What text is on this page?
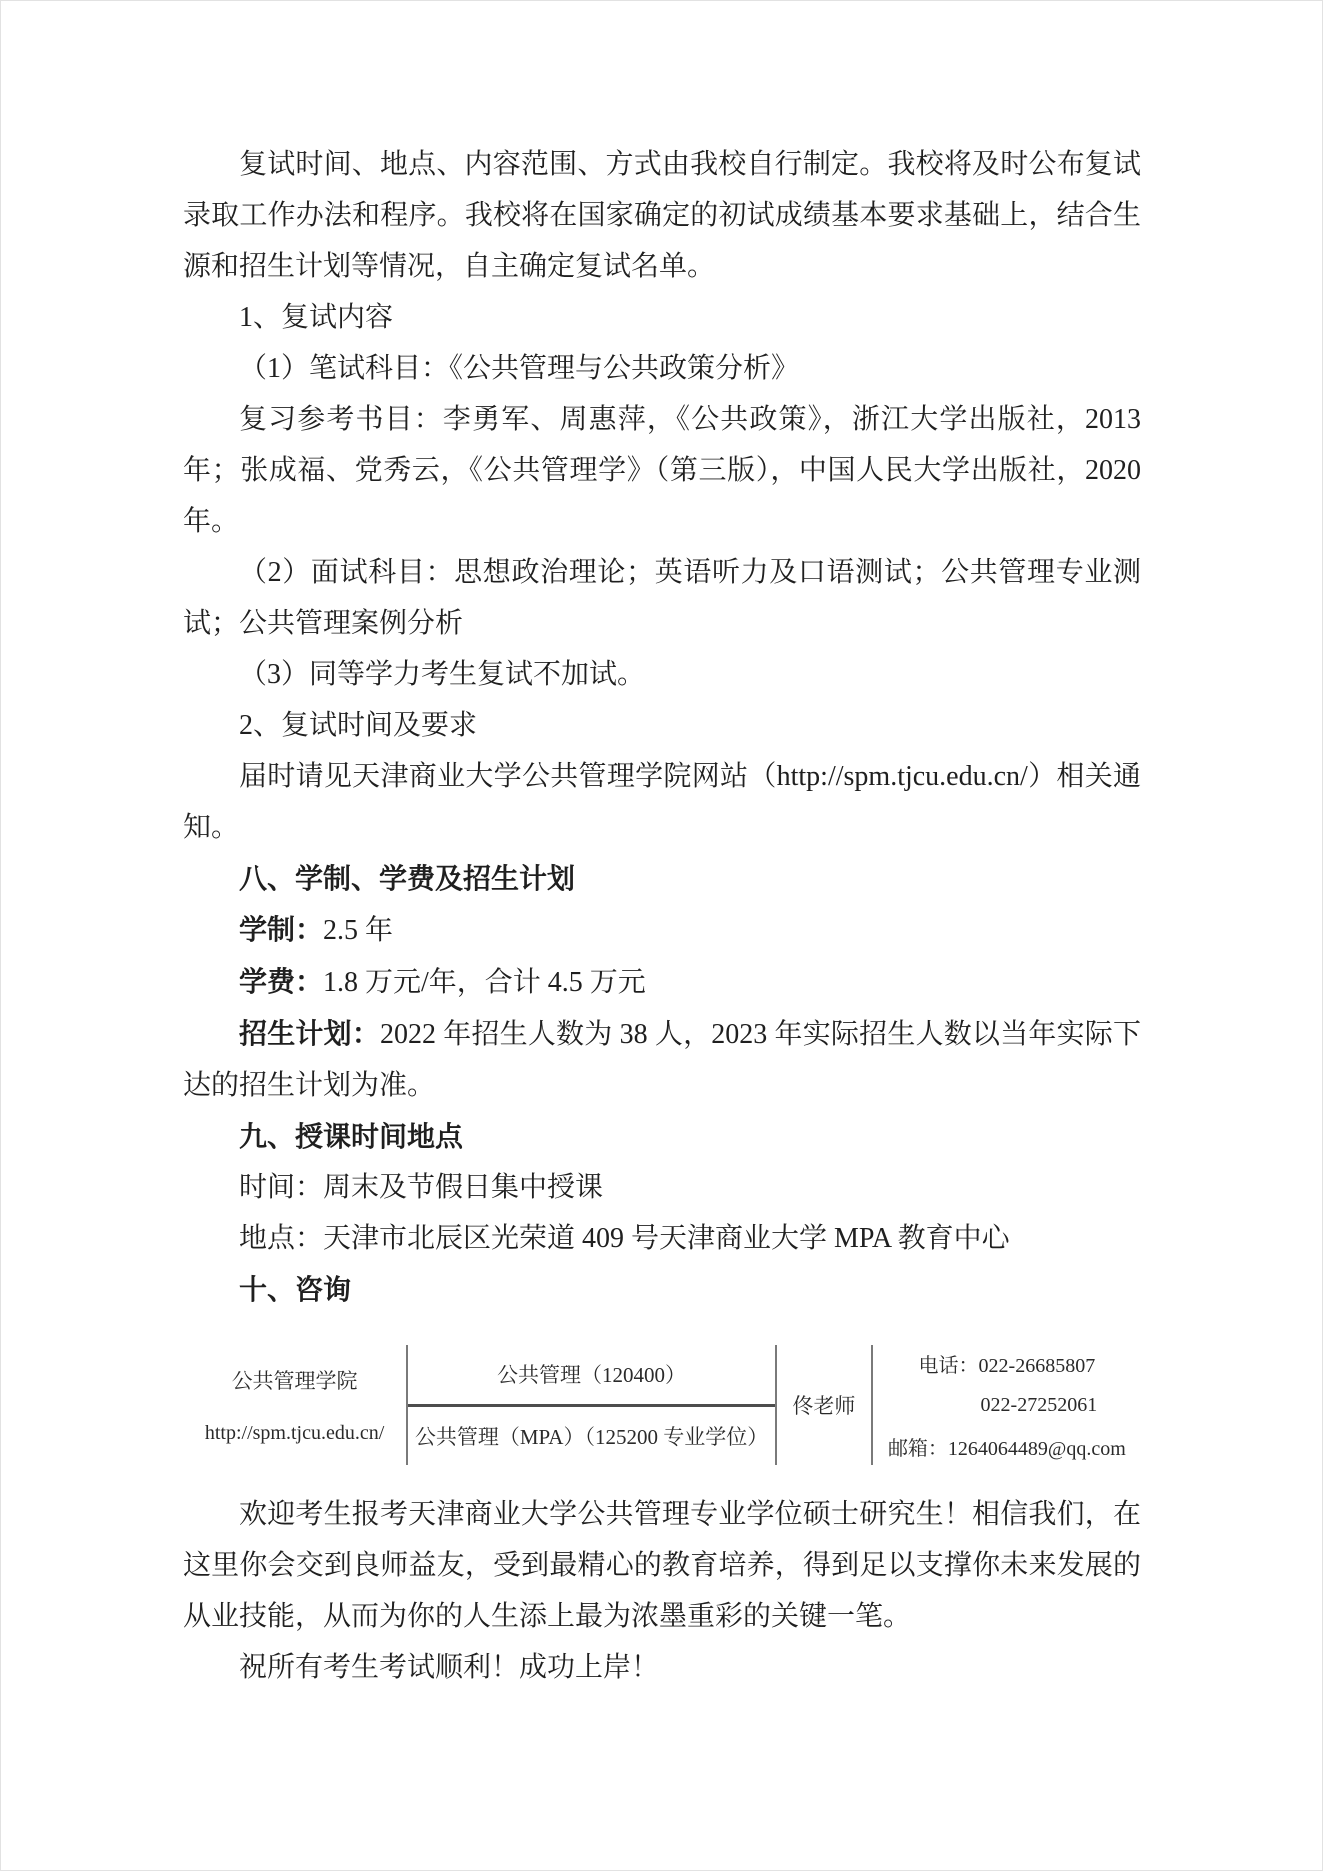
复试时间、地点、内容范围、方式由我校自行制定。我校将及时公布复试录取工作办法和程序。我校将在国家确定的初试成绩基本要求基础上，结合生源和招生计划等情况，自主确定复试名单。

1、复试内容

（1）笔试科目：《公共管理与公共政策分析》

复习参考书目：李勇军、周惠萍，《公共政策》，浙江大学出版社，2013 年；张成福、党秀云，《公共管理学》（第三版），中国人民大学出版社，2020 年。

（2）面试科目：思想政治理论；英语听力及口语测试；公共管理专业测试；公共管理案例分析

（3）同等学力考生复试不加试。

2、复试时间及要求

届时请见天津商业大学公共管理学院网站（http://spm.tjcu.edu.cn/）相关通知。

八、学制、学费及招生计划

学制：2.5 年

学费：1.8 万元/年，合计 4.5 万元

招生计划：2022 年招生人数为 38 人，2023 年实际招生人数以当年实际下达的招生计划为准。

九、授课时间地点

时间：周末及节假日集中授课

地点：天津市北辰区光荣道 409 号天津商业大学 MPA 教育中心

十、咨询

公共管理学院
http://spm.tjcu.edu.cn/
公共管理（120400）
公共管理（MPA）（125200 专业学位）
佟老师
电话：022-26685807
022-27252061
邮箱：1264064489@qq.com

欢迎考生报考天津商业大学公共管理专业学位硕士研究生！相信我们，在这里你会交到良师益友，受到最精心的教育培养，得到足以支撑你未来发展的从业技能，从而为你的人生添上最为浓墨重彩的关键一笔。

祝所有考生考试顺利！成功上岸！
